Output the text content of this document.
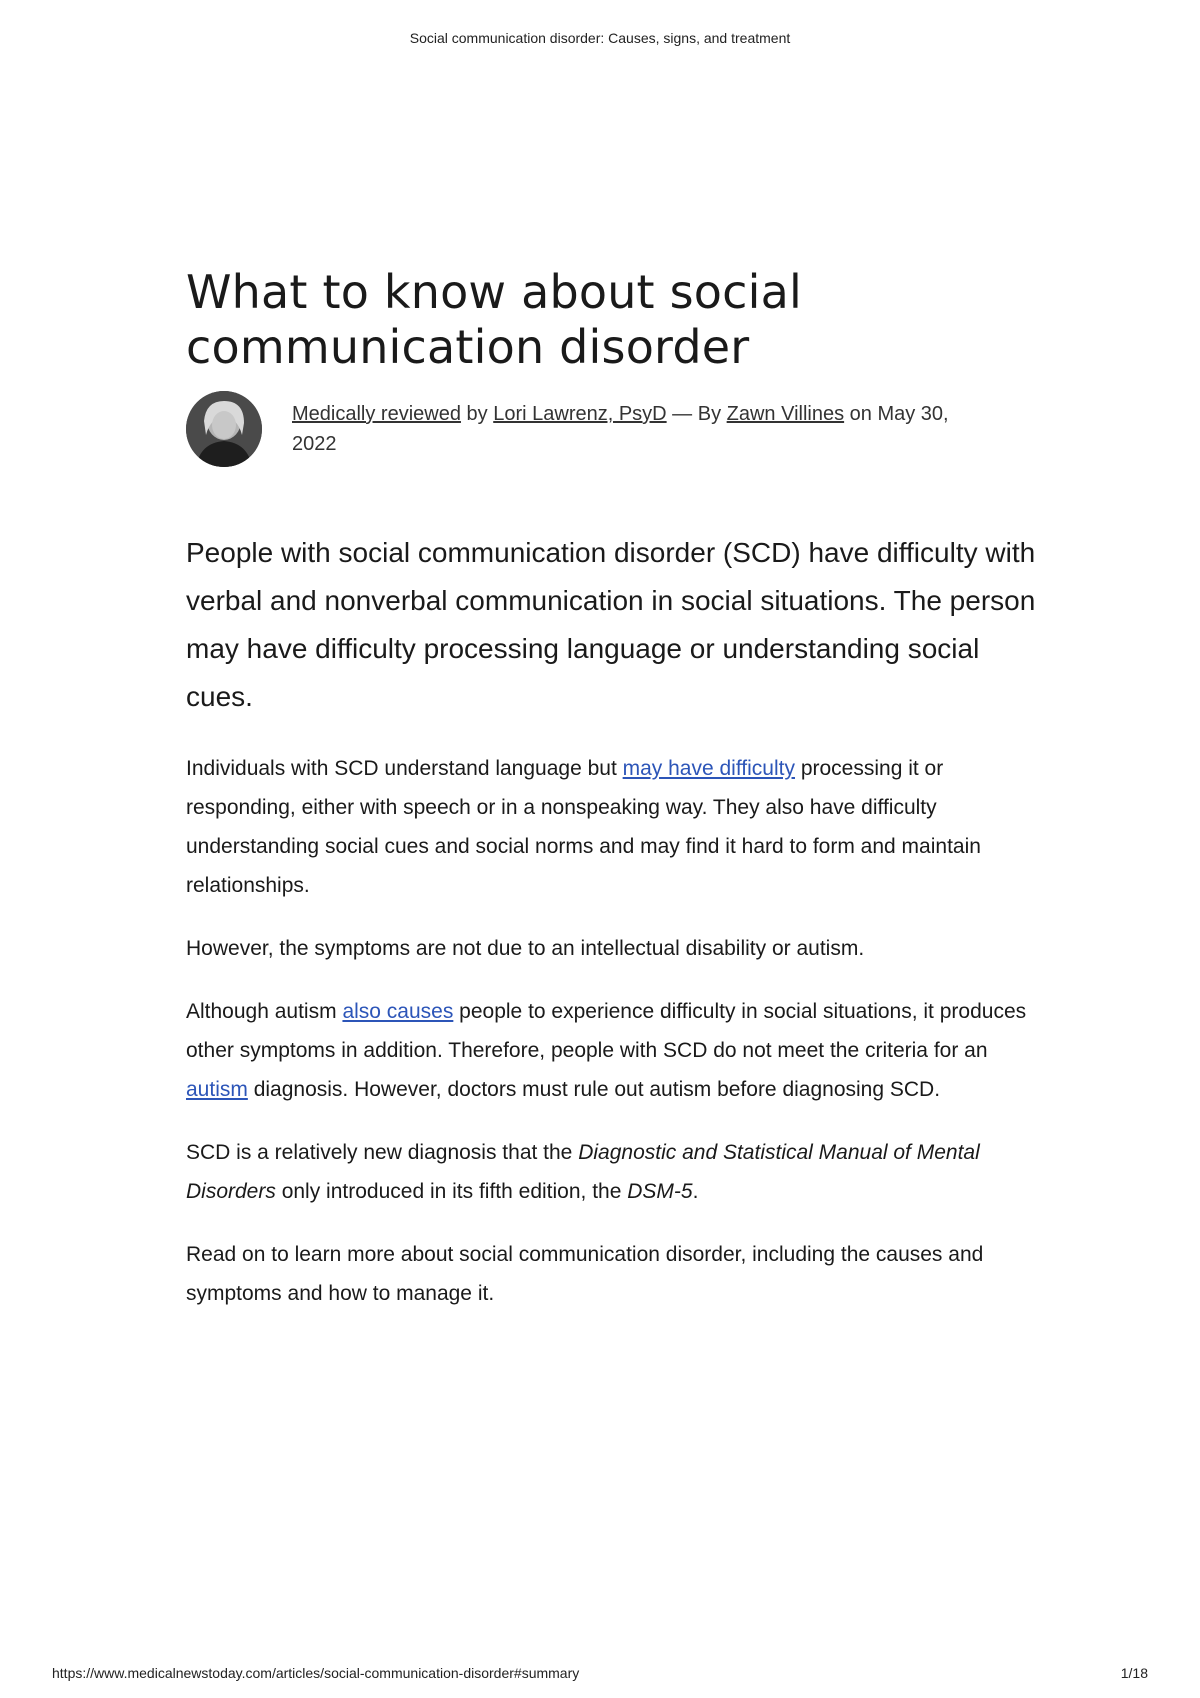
Social communication disorder: Causes, signs, and treatment
What to know about social
communication disorder
Medically reviewed by Lori Lawrenz, PsyD — By Zawn Villines on May 30, 2022

People with social communication disorder (SCD) have difficulty with verbal and nonverbal communication in social situations. The person may have difficulty processing language or understanding social cues.

Individuals with SCD understand language but may have difficulty processing it or responding, either with speech or in a nonspeaking way. They also have difficulty understanding social cues and social norms and may find it hard to form and maintain relationships.

However, the symptoms are not due to an intellectual disability or autism.

Although autism also causes people to experience difficulty in social situations, it produces other symptoms in addition. Therefore, people with SCD do not meet the criteria for an autism diagnosis. However, doctors must rule out autism before diagnosing SCD.

SCD is a relatively new diagnosis that the Diagnostic and Statistical Manual of Mental Disorders only introduced in its fifth edition, the DSM-5.

Read on to learn more about social communication disorder, including the causes and symptoms and how to manage it.

https://www.medicalnewstoday.com/articles/social-communication-disorder#summary	1/18
